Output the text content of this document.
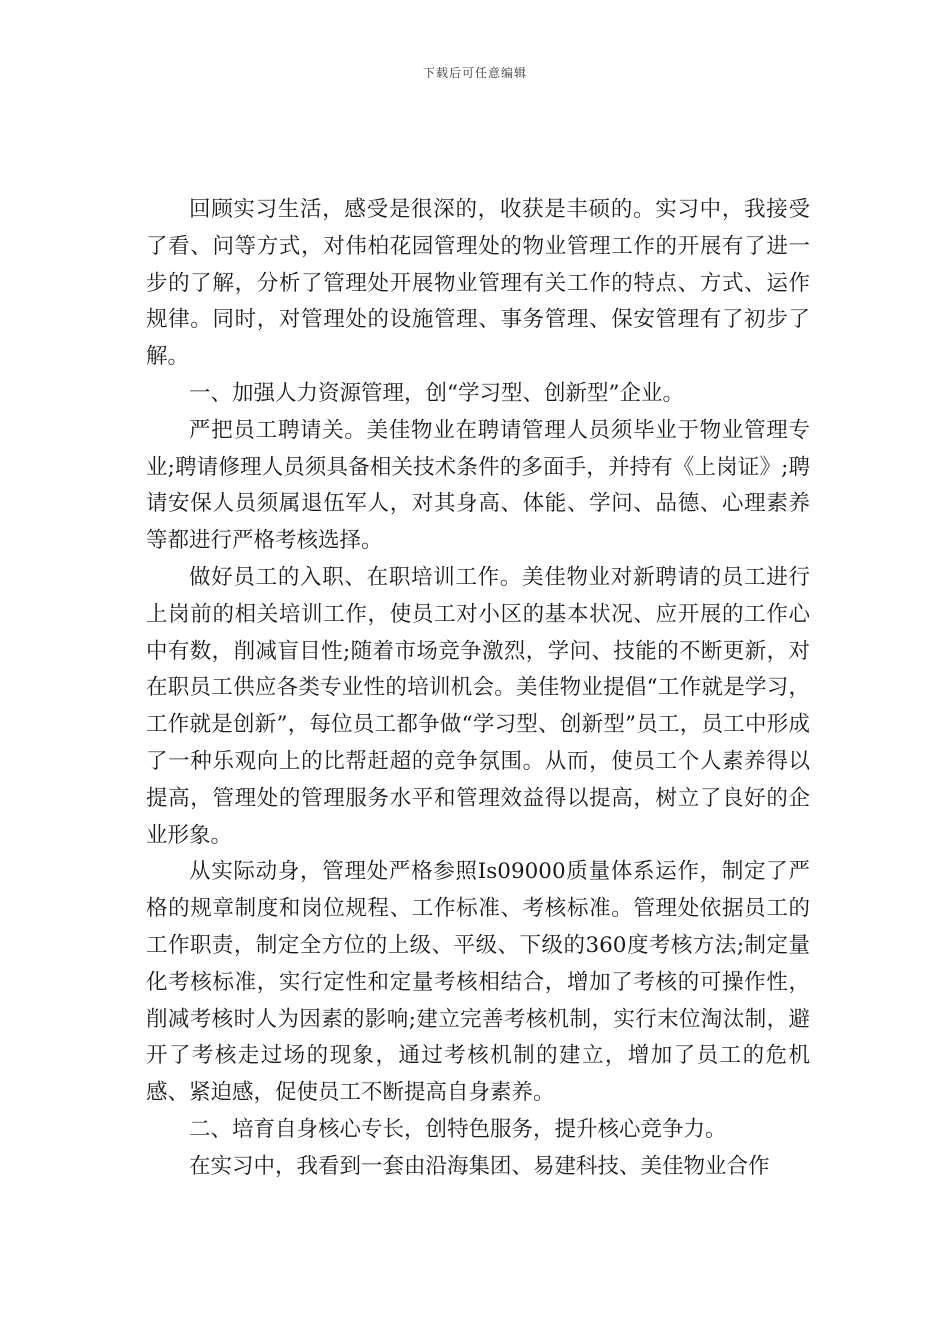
下载后可任意编辑

回顾实习生活，感受是很深的，收获是丰硕的。实习中，我接受了看、问等方式，对伟柏花园管理处的物业管理工作的开展有了进一步的了解，分析了管理处开展物业管理有关工作的特点、方式、运作规律。同时，对管理处的设施管理、事务管理、保安管理有了初步了解。

一、加强人力资源管理，创“学习型、创新型”企业。

严把员工聘请关。美佳物业在聘请管理人员须毕业于物业管理专业;聘请修理人员须具备相关技术条件的多面手，并持有《上岗证》;聘请安保人员须属退伍军人，对其身高、体能、学问、品德、心理素养等都进行严格考核选择。

做好员工的入职、在职培训工作。美佳物业对新聘请的员工进行上岗前的相关培训工作，使员工对小区的基本状况、应开展的工作心中有数，削减盲目性;随着市场竞争激烈，学问、技能的不断更新，对在职员工供应各类专业性的培训机会。美佳物业提倡“工作就是学习，工作就是创新”，每位员工都争做“学习型、创新型”员工，员工中形成了一种乐观向上的比帮赶超的竞争氛围。从而，使员工个人素养得以提高，管理处的管理服务水平和管理效益得以提高，树立了良好的企业形象。

从实际动身，管理处严格参照Is09000质量体系运作，制定了严格的规章制度和岗位规程、工作标准、考核标准。管理处依据员工的工作职责，制定全方位的上级、平级、下级的360度考核方法;制定量化考核标准，实行定性和定量考核相结合，增加了考核的可操作性，削减考核时人为因素的影响;建立完善考核机制，实行末位淘汰制，避开了考核走过场的现象，通过考核机制的建立，增加了员工的危机感、紧迫感，促使员工不断提高自身素养。

二、培育自身核心专长，创特色服务，提升核心竞争力。

在实习中，我看到一套由沿海集团、易建科技、美佳物业合作
